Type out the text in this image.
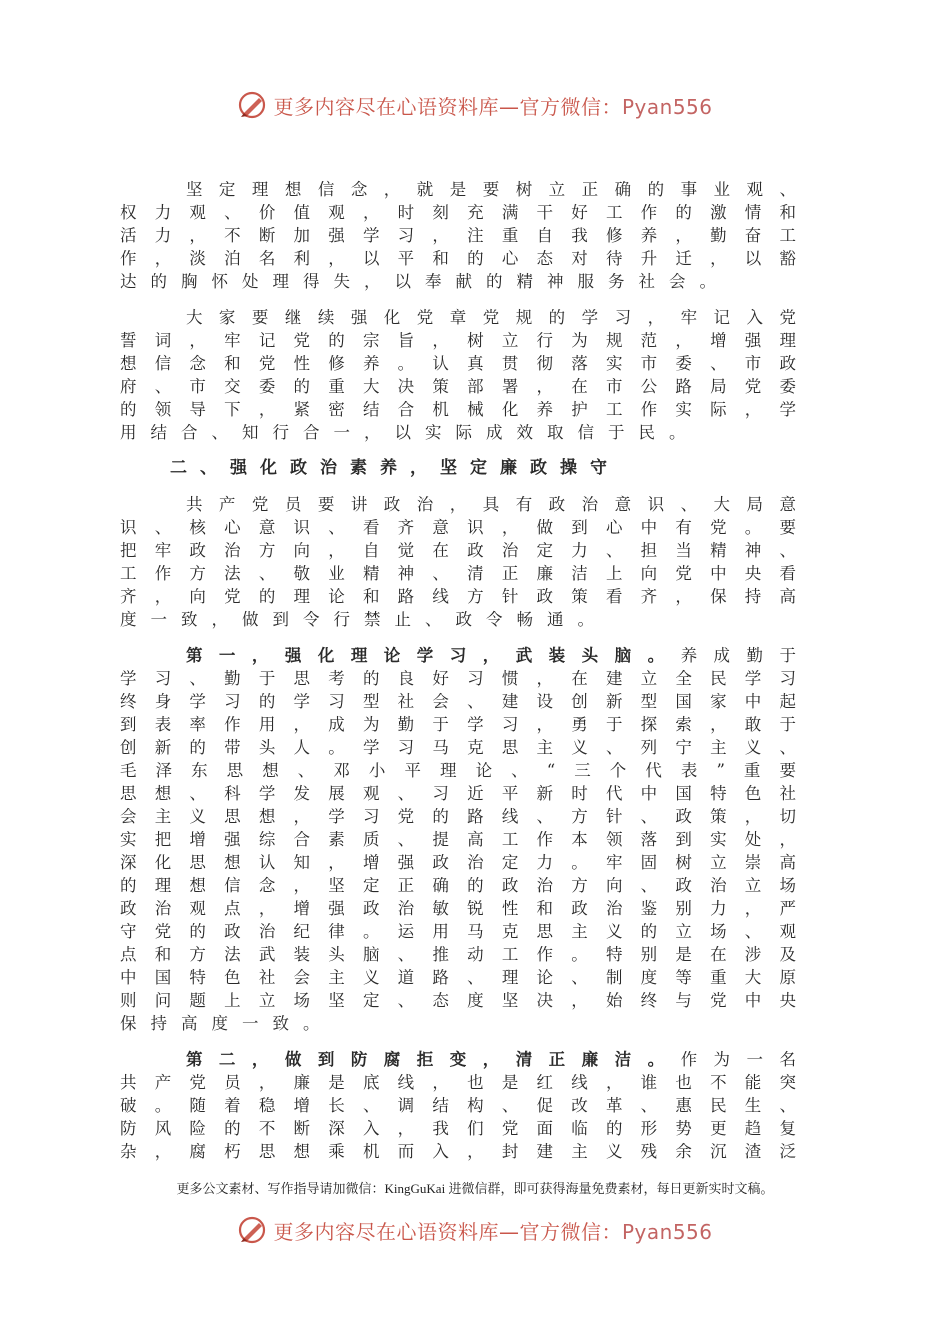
更多内容尽在心语资料库—官方微信：Pyan556
　　坚定理想信念，就是要树立正确的事业观、
权力观、价值观，时刻充满干好工作的激情和
活力，不断加强学习，注重自我修养，勤奋工
作，淡泊名利，以平和的心态对待升迁，以豁
达的胸怀处理得失，以奉献的精神服务社会。
　　大家要继续强化党章党规的学习，牢记入党
誓词，牢记党的宗旨，树立行为规范，增强理
想信念和党性修养。认真贯彻落实市委、市政
府、市交委的重大决策部署，在市公路局党委
的领导下，紧密结合机械化养护工作实际，学
用结合、知行合一，以实际成效取信于民。
二、强化政治素养，坚定廉政操守
　　共产党员要讲政治，具有政治意识、大局意
识、核心意识、看齐意识，做到心中有党。要
把牢政治方向，自觉在政治定力、担当精神、
工作方法、敬业精神、清正廉洁上向党中央看
齐，向党的理论和路线方针政策看齐，保持高
度一致，做到令行禁止、政令畅通。
　　第一，强化理论学习，武装头脑。养成勤于
学习、勤于思考的良好习惯，在建立全民学习
终身学习的学习型社会、建设创新型国家中起
到表率作用，成为勤于学习，勇于探索，敢于
创新的带头人。学习马克思主义、列宁主义、
毛泽东思想、邓小平理论、“三个代表”重要
思想、科学发展观、习近平新时代中国特色社
会主义思想，学习党的路线、方针、政策，切
实把增强综合素质、提高工作本领落到实处，
深化思想认知，增强政治定力。牢固树立崇高
的理想信念，坚定正确的政治方向、政治立场
政治观点，增强政治敏锐性和政治鉴别力，严
守党的政治纪律。运用马克思主义的立场、观
点和方法武装头脑、推动工作。特别是在涉及
中国特色社会主义道路、理论、制度等重大原
则问题上立场坚定、态度坚决，始终与党中央
保持高度一致。
　　第二，做到防腐拒变，清正廉洁。作为一名
共产党员，廉是底线，也是红线，谁也不能突
破。随着稳增长、调结构、促改革、惠民生、
防风险的不断深入，我们党面临的形势更趋复
杂，腐朽思想乘机而入，封建主义残余沉渣泛
更多公文素材、写作指导请加微信：KingGuKai 进微信群，即可获得海量免费素材，每日更新实时文稿。
更多内容尽在心语资料库—官方微信：Pyan556
